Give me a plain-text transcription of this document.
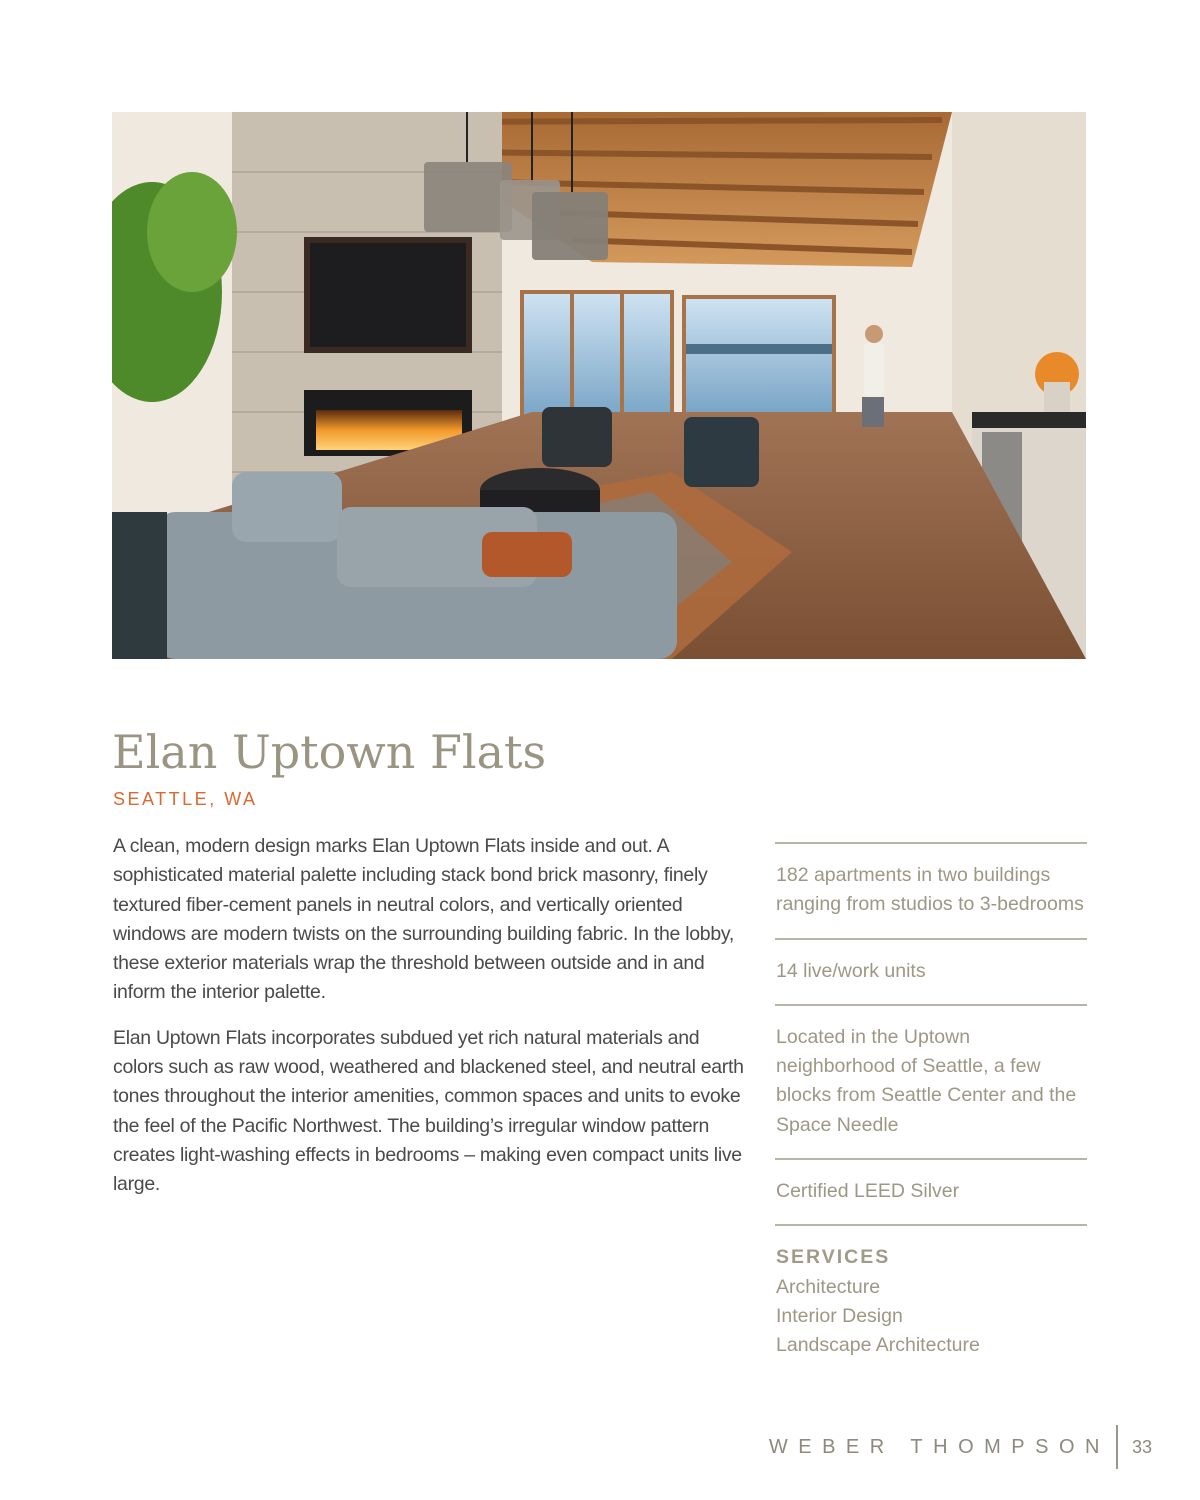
Elan Uptown Flats
SEATTLE, WA

A clean, modern design marks Elan Uptown Flats inside and out. A sophisticated material palette including stack bond brick masonry, finely textured fiber-cement panels in neutral colors, and vertically oriented windows are modern twists on the surrounding building fabric. In the lobby, these exterior materials wrap the threshold between outside and in and inform the interior palette.

Elan Uptown Flats incorporates subdued yet rich natural materials and colors such as raw wood, weathered and blackened steel, and neutral earth tones throughout the interior amenities, common spaces and units to evoke the feel of the Pacific Northwest. The building’s irregular window pattern creates light-washing effects in bedrooms – making even compact units live large.

182 apartments in two buildings ranging from studios to 3-bedrooms
14 live/work units
Located in the Uptown neighborhood of Seattle, a few blocks from Seattle Center and the Space Needle
Certified LEED Silver
SERVICES
Architecture
Interior Design
Landscape Architecture
WEBER THOMPSON 33
